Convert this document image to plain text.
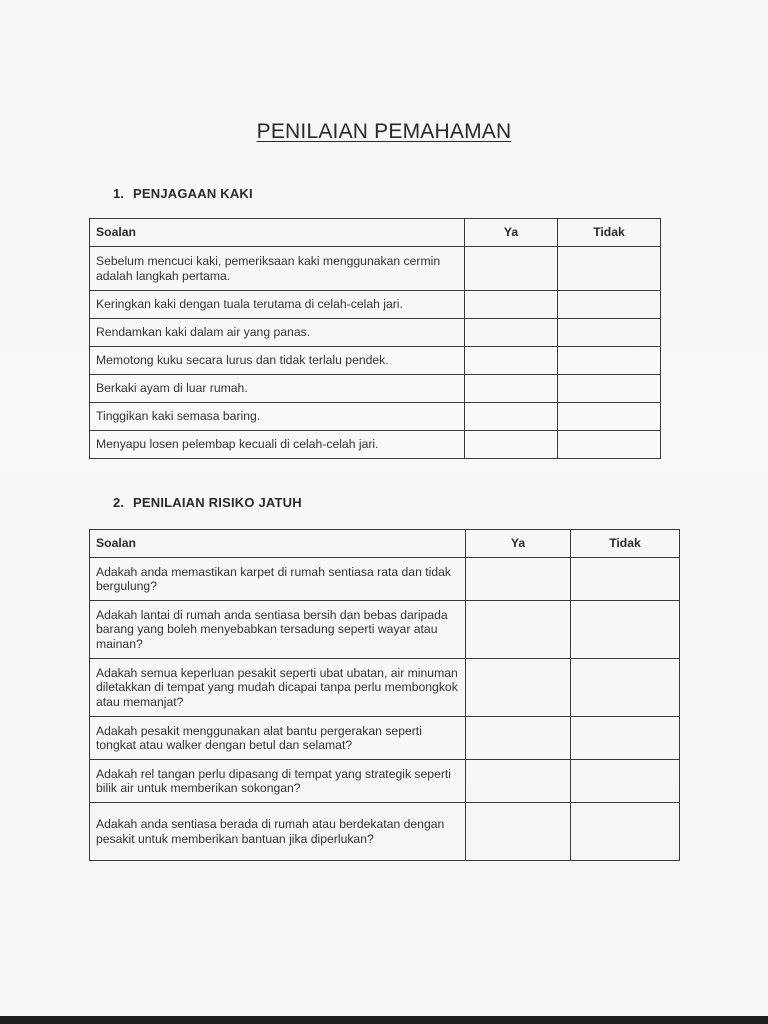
PENILAIAN PEMAHAMAN
1. PENJAGAAN KAKI
Soalan	Ya	Tidak
Sebelum mencuci kaki, pemeriksaan kaki menggunakan cermin adalah langkah pertama.		
Keringkan kaki dengan tuala terutama di celah-celah jari.		
Rendamkan kaki dalam air yang panas.		
Memotong kuku secara lurus dan tidak terlalu pendek.		
Berkaki ayam di luar rumah.		
Tinggikan kaki semasa baring.		
Menyapu losen pelembap kecuali di celah-celah jari.		
2. PENILAIAN RISIKO JATUH
Soalan	Ya	Tidak
Adakah anda memastikan karpet di rumah sentiasa rata dan tidak bergulung?		
Adakah lantai di rumah anda sentiasa bersih dan bebas daripada barang yang boleh menyebabkan tersadung seperti wayar atau mainan?		
Adakah semua keperluan pesakit seperti ubat ubatan, air minuman diletakkan di tempat yang mudah dicapai tanpa perlu membongkok atau memanjat?		
Adakah pesakit menggunakan alat bantu pergerakan seperti tongkat atau walker dengan betul dan selamat?		
Adakah rel tangan perlu dipasang di tempat yang strategik seperti bilik air untuk memberikan sokongan?		
Adakah anda sentiasa berada di rumah atau berdekatan dengan pesakit untuk memberikan bantuan jika diperlukan?		
